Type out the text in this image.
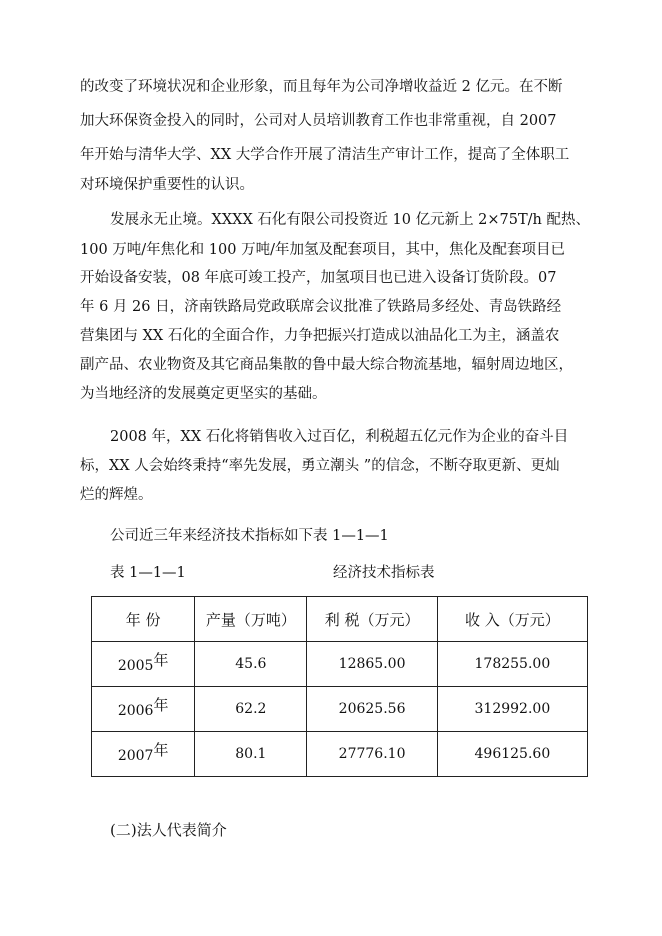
的改变了环境状况和企业形象，而且每年为公司净增收益近 2 亿元。在不断
加大环保资金投入的同时，公司对人员培训教育工作也非常重视，自 2007
年开始与清华大学、XX 大学合作开展了清洁生产审计工作，提高了全体职工
对环境保护重要性的认识。
发展永无止境。XXXX 石化有限公司投资近 10 亿元新上 2×75T/h 配热、
100 万吨/年焦化和 100 万吨/年加氢及配套项目，其中，焦化及配套项目已
开始设备安装，08 年底可竣工投产，加氢项目也已进入设备订货阶段。07
年 6 月 26 日，济南铁路局党政联席会议批准了铁路局多经处、青岛铁路经
营集团与 XX 石化的全面合作，力争把振兴打造成以油品化工为主，涵盖农
副产品、农业物资及其它商品集散的鲁中最大综合物流基地，辐射周边地区，
为当地经济的发展奠定更坚实的基础。
2008 年，XX 石化将销售收入过百亿，利税超五亿元作为企业的奋斗目
标，XX 人会始终秉持“率先发展，勇立潮头 ”的信念，不断夺取更新、更灿
烂的辉煌。
公司近三年来经济技术指标如下表 1—1—1
表 1—1—1	经济技术指标表
年 份	产量（万吨）	利 税（万元）	收 入（万元）
2005年	45.6	12865.00	178255.00
2006年	62.2	20625.56	312992.00
2007年	80.1	27776.10	496125.60
(二)法人代表简介
